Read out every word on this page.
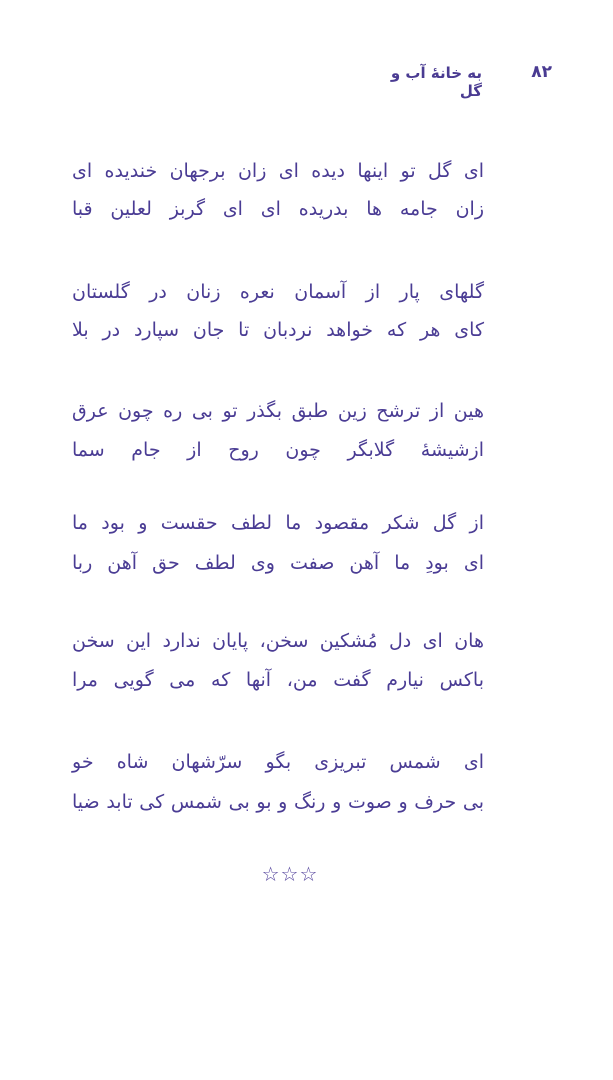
۸۲
به خانهٔ آب و گل
ای گل تو اینها دیده ای زان برجهان خندیده ای
زان جامه ها بدریده ای ای گربز لعلین قبا
گلهای پار از آسمان نعره زنان در گلستان
کای هر که خواهد نردبان تا جان سپارد در بلا
هین از ترشح زین طبق بگذر تو بی ره چون عرق
ازشیشهٔ گلابگر چون روح از جام سما
از گل شکر مقصود ما لطف حقست و بود ما
ای بودِ ما آهن صفت وی لطف حق آهن ربا
هان ای دل مُشکین سخن، پایان ندارد این سخن
باکس نیارم گفت من، آنها که می گویی مرا
ای شمس تبریزی بگو سرّشهان شاه خو
بی حرف و صوت و رنگ و بو بی شمس کی تابد ضیا
☆☆☆
